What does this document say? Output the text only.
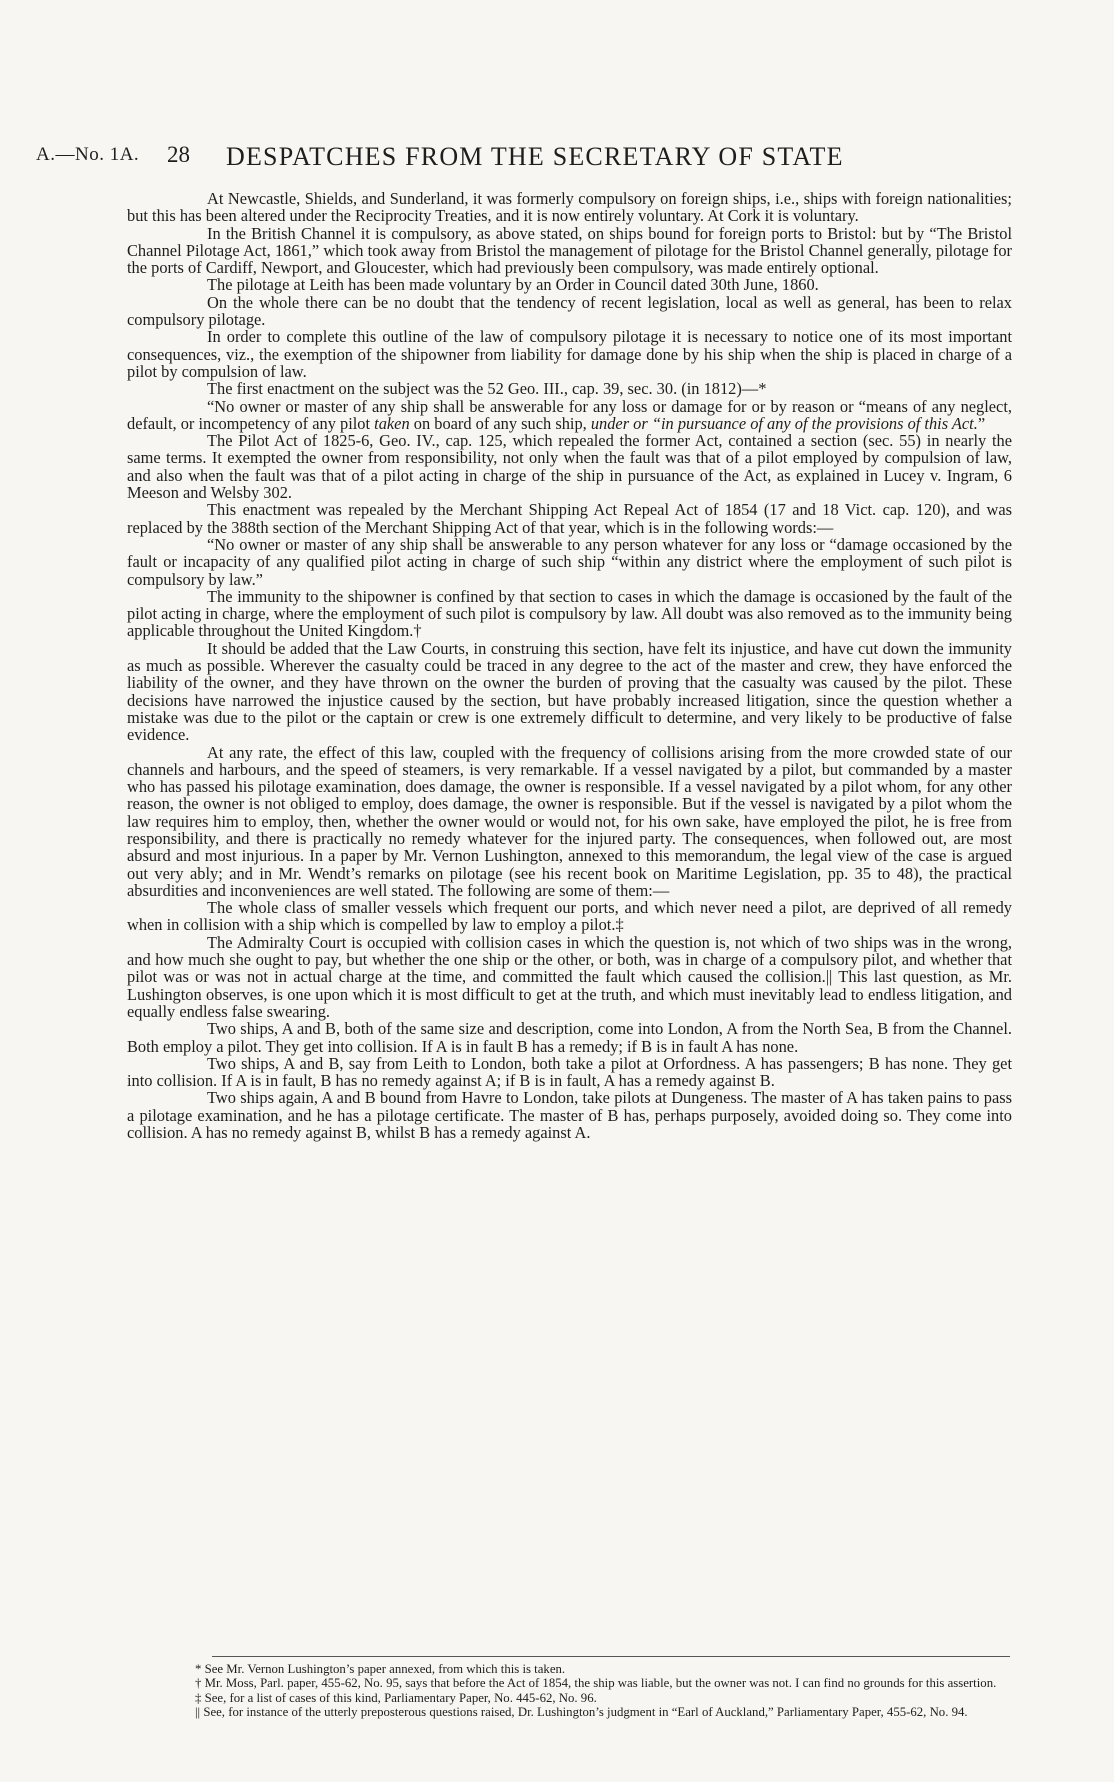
A.—No. 1A. 28 DESPATCHES FROM THE SECRETARY OF STATE

At Newcastle, Shields, and Sunderland, it was formerly compulsory on foreign ships, i.e., ships with foreign nationalities; but this has been altered under the Reciprocity Treaties, and it is now entirely voluntary. At Cork it is voluntary.

In the British Channel it is compulsory, as above stated, on ships bound for foreign ports to Bristol: but by “The Bristol Channel Pilotage Act, 1861,” which took away from Bristol the management of pilotage for the Bristol Channel generally, pilotage for the ports of Cardiff, Newport, and Gloucester, which had previously been compulsory, was made entirely optional.

The pilotage at Leith has been made voluntary by an Order in Council dated 30th June, 1860.

On the whole there can be no doubt that the tendency of recent legislation, local as well as general, has been to relax compulsory pilotage.

In order to complete this outline of the law of compulsory pilotage it is necessary to notice one of its most important consequences, viz., the exemption of the shipowner from liability for damage done by his ship when the ship is placed in charge of a pilot by compulsion of law.

The first enactment on the subject was the 52 Geo. III., cap. 39, sec. 30. (in 1812)—*

“No owner or master of any ship shall be answerable for any loss or damage for or by reason or “means of any neglect, default, or incompetency of any pilot taken on board of any such ship, under or “in pursuance of any of the provisions of this Act.”

The Pilot Act of 1825-6, Geo. IV., cap. 125, which repealed the former Act, contained a section (sec. 55) in nearly the same terms. It exempted the owner from responsibility, not only when the fault was that of a pilot employed by compulsion of law, and also when the fault was that of a pilot acting in charge of the ship in pursuance of the Act, as explained in Lucey v. Ingram, 6 Meeson and Welsby 302.

This enactment was repealed by the Merchant Shipping Act Repeal Act of 1854 (17 and 18 Vict. cap. 120), and was replaced by the 388th section of the Merchant Shipping Act of that year, which is in the following words:—

“No owner or master of any ship shall be answerable to any person whatever for any loss or “damage occasioned by the fault or incapacity of any qualified pilot acting in charge of such ship “within any district where the employment of such pilot is compulsory by law.”

The immunity to the shipowner is confined by that section to cases in which the damage is occasioned by the fault of the pilot acting in charge, where the employment of such pilot is compulsory by law. All doubt was also removed as to the immunity being applicable throughout the United Kingdom.†

It should be added that the Law Courts, in construing this section, have felt its injustice, and have cut down the immunity as much as possible. Wherever the casualty could be traced in any degree to the act of the master and crew, they have enforced the liability of the owner, and they have thrown on the owner the burden of proving that the casualty was caused by the pilot. These decisions have narrowed the injustice caused by the section, but have probably increased litigation, since the question whether a mistake was due to the pilot or the captain or crew is one extremely difficult to determine, and very likely to be productive of false evidence.

At any rate, the effect of this law, coupled with the frequency of collisions arising from the more crowded state of our channels and harbours, and the speed of steamers, is very remarkable. If a vessel navigated by a pilot, but commanded by a master who has passed his pilotage examination, does damage, the owner is responsible. If a vessel navigated by a pilot whom, for any other reason, the owner is not obliged to employ, does damage, the owner is responsible. But if the vessel is navigated by a pilot whom the law requires him to employ, then, whether the owner would or would not, for his own sake, have employed the pilot, he is free from responsibility, and there is practically no remedy whatever for the injured party. The consequences, when followed out, are most absurd and most injurious. In a paper by Mr. Vernon Lushington, annexed to this memorandum, the legal view of the case is argued out very ably; and in Mr. Wendt’s remarks on pilotage (see his recent book on Maritime Legislation, pp. 35 to 48), the practical absurdities and inconveniences are well stated. The following are some of them:—

The whole class of smaller vessels which frequent our ports, and which never need a pilot, are deprived of all remedy when in collision with a ship which is compelled by law to employ a pilot.‡

The Admiralty Court is occupied with collision cases in which the question is, not which of two ships was in the wrong, and how much she ought to pay, but whether the one ship or the other, or both, was in charge of a compulsory pilot, and whether that pilot was or was not in actual charge at the time, and committed the fault which caused the collision.|| This last question, as Mr. Lushington observes, is one upon which it is most difficult to get at the truth, and which must inevitably lead to endless litigation, and equally endless false swearing.

Two ships, A and B, both of the same size and description, come into London, A from the North Sea, B from the Channel. Both employ a pilot. They get into collision. If A is in fault B has a remedy; if B is in fault A has none.

Two ships, A and B, say from Leith to London, both take a pilot at Orfordness. A has passengers; B has none. They get into collision. If A is in fault, B has no remedy against A; if B is in fault, A has a remedy against B.

Two ships again, A and B bound from Havre to London, take pilots at Dungeness. The master of A has taken pains to pass a pilotage examination, and he has a pilotage certificate. The master of B has, perhaps purposely, avoided doing so. They come into collision. A has no remedy against B, whilst B has a remedy against A.

* See Mr. Vernon Lushington’s paper annexed, from which this is taken.

† Mr. Moss, Parl. paper, 455-62, No. 95, says that before the Act of 1854, the ship was liable, but the owner was not. I can find no grounds for this assertion.

‡ See, for a list of cases of this kind, Parliamentary Paper, No. 445-62, No. 96.

|| See, for instance of the utterly preposterous questions raised, Dr. Lushington’s judgment in “Earl of Auckland,” Parliamentary Paper, 455-62, No. 94.
